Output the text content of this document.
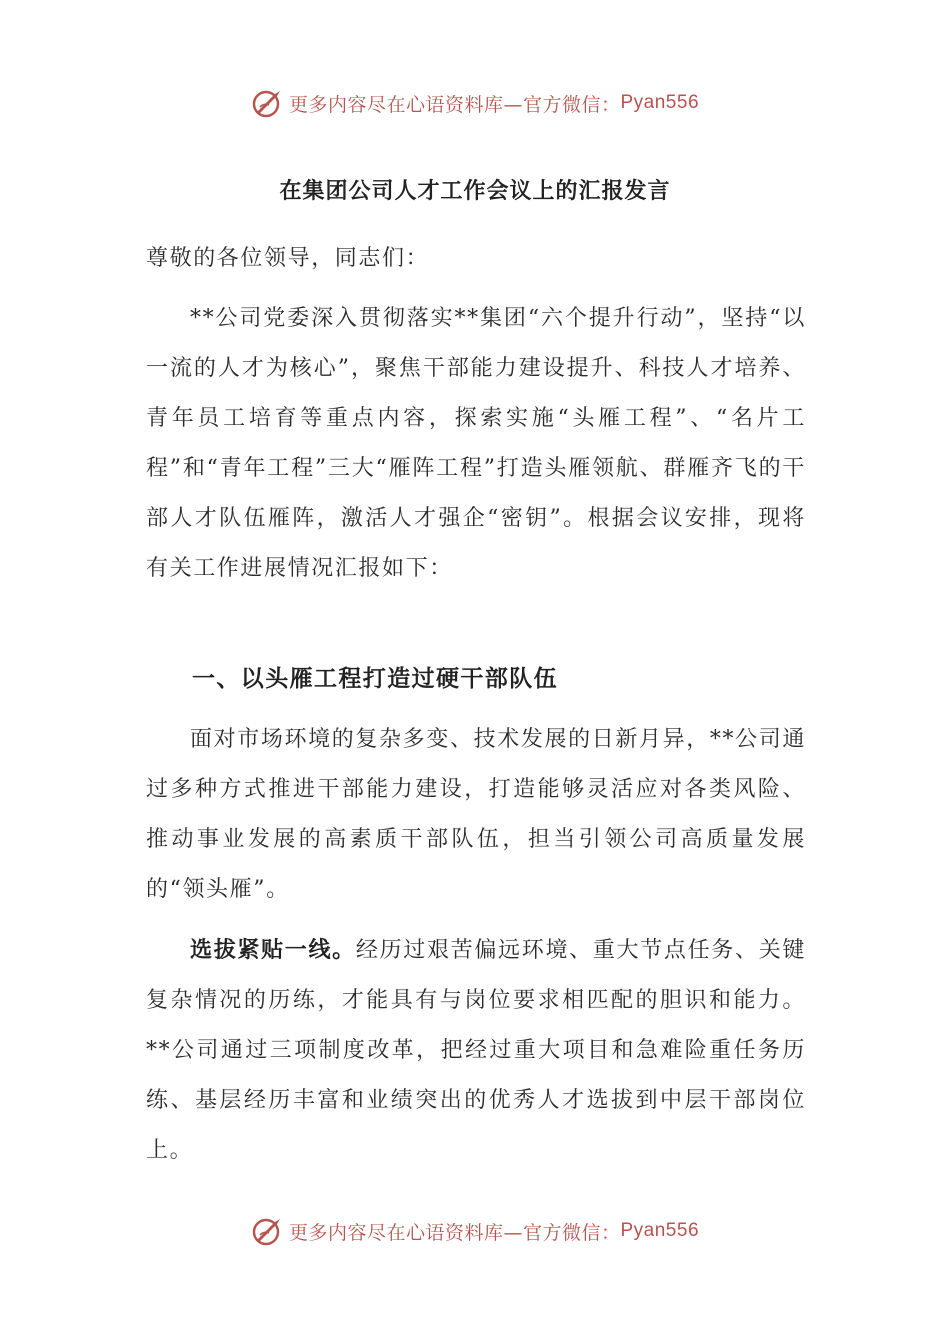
更多内容尽在心语资料库—官方微信： Pyan556
在集团公司人才工作会议上的汇报发言
尊敬的各位领导，同志们：

**公司党委深入贯彻落实**集团“六个提升行动”，坚持“以一流的人才为核心”，聚焦干部能力建设提升、科技人才培养、青年员工培育等重点内容，探索实施“头雁工程”、“名片工程”和“青年工程”三大“雁阵工程”打造头雁领航、群雁齐飞的干部人才队伍雁阵，激活人才强企“密钥”。根据会议安排，现将有关工作进展情况汇报如下：

一、以头雁工程打造过硬干部队伍

面对市场环境的复杂多变、技术发展的日新月异，**公司通过多种方式推进干部能力建设，打造能够灵活应对各类风险、推动事业发展的高素质干部队伍，担当引领公司高质量发展的“领头雁”。

选拔紧贴一线。经历过艰苦偏远环境、重大节点任务、关键复杂情况的历练，才能具有与岗位要求相匹配的胆识和能力。**公司通过三项制度改革，把经过重大项目和急难险重任务历练、基层经历丰富和业绩突出的优秀人才选拔到中层干部岗位上。

更多内容尽在心语资料库—官方微信： Pyan556
